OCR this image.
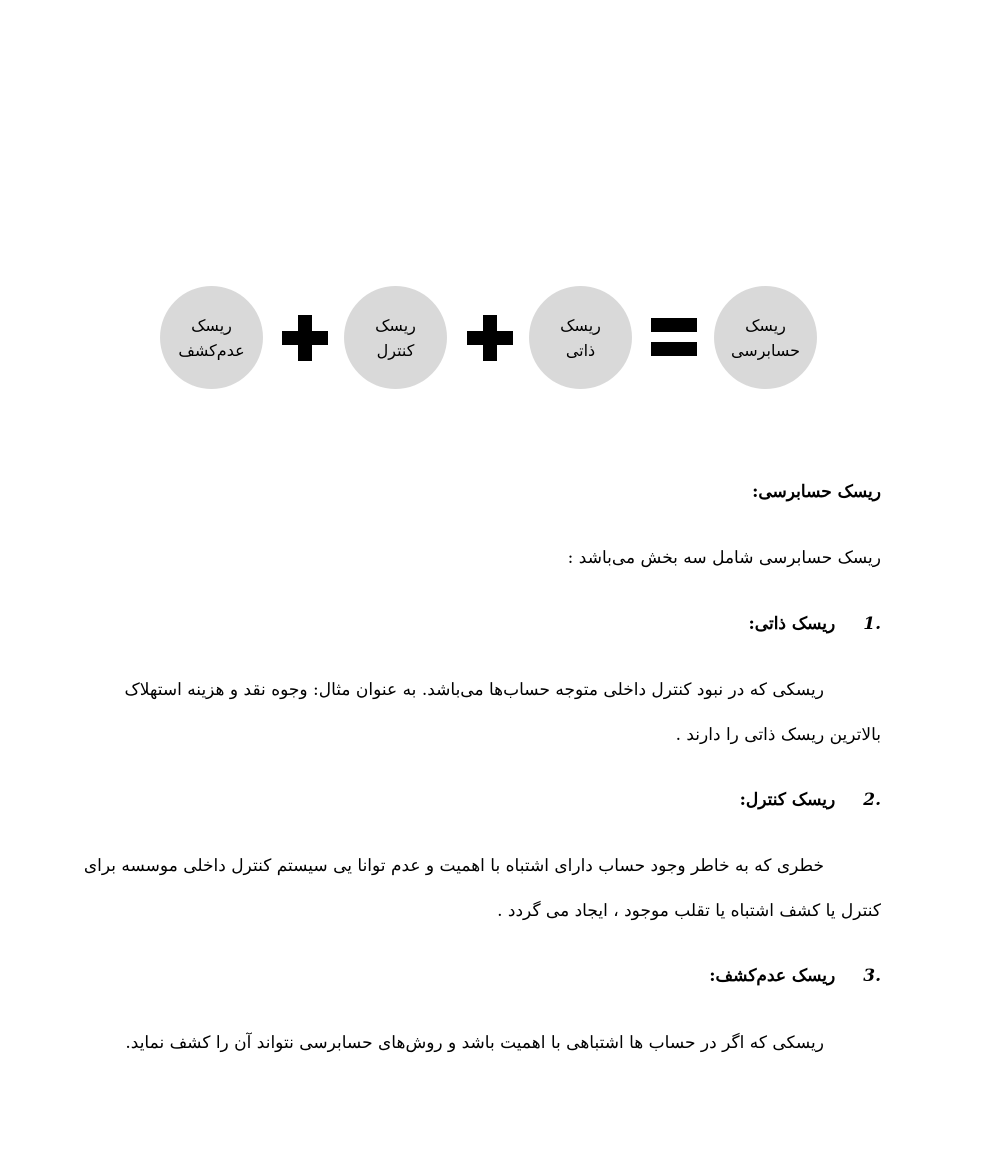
ریسک
عدم‌کشف
ریسک
کنترل
ریسک
ذاتی
ریسک
حسابرسی

ریسک حسابرسی:

ریسک حسابرسی شامل سه بخش می‌باشد :

ریسک ذاتی: 1.

ریسکی که در نبود کنترل داخلی متوجه حساب‌ها می‌باشد. به عنوان مثال: وجوه نقد و هزینه استهلاک

بالاترین ریسک ذاتی را دارند .

ریسک کنترل: 2.

خطری که به خاطر وجود حساب دارای اشتباه با اهمیت و عدم توانا یی سیستم کنترل داخلی موسسه برای

کنترل یا کشف اشتباه یا تقلب موجود ، ایجاد می گردد .

ریسک عدم‌کشف: 3.

ریسکی که اگر در حساب ها اشتباهی با اهمیت باشد و روش‌های حسابرسی نتواند آن را کشف نماید.
